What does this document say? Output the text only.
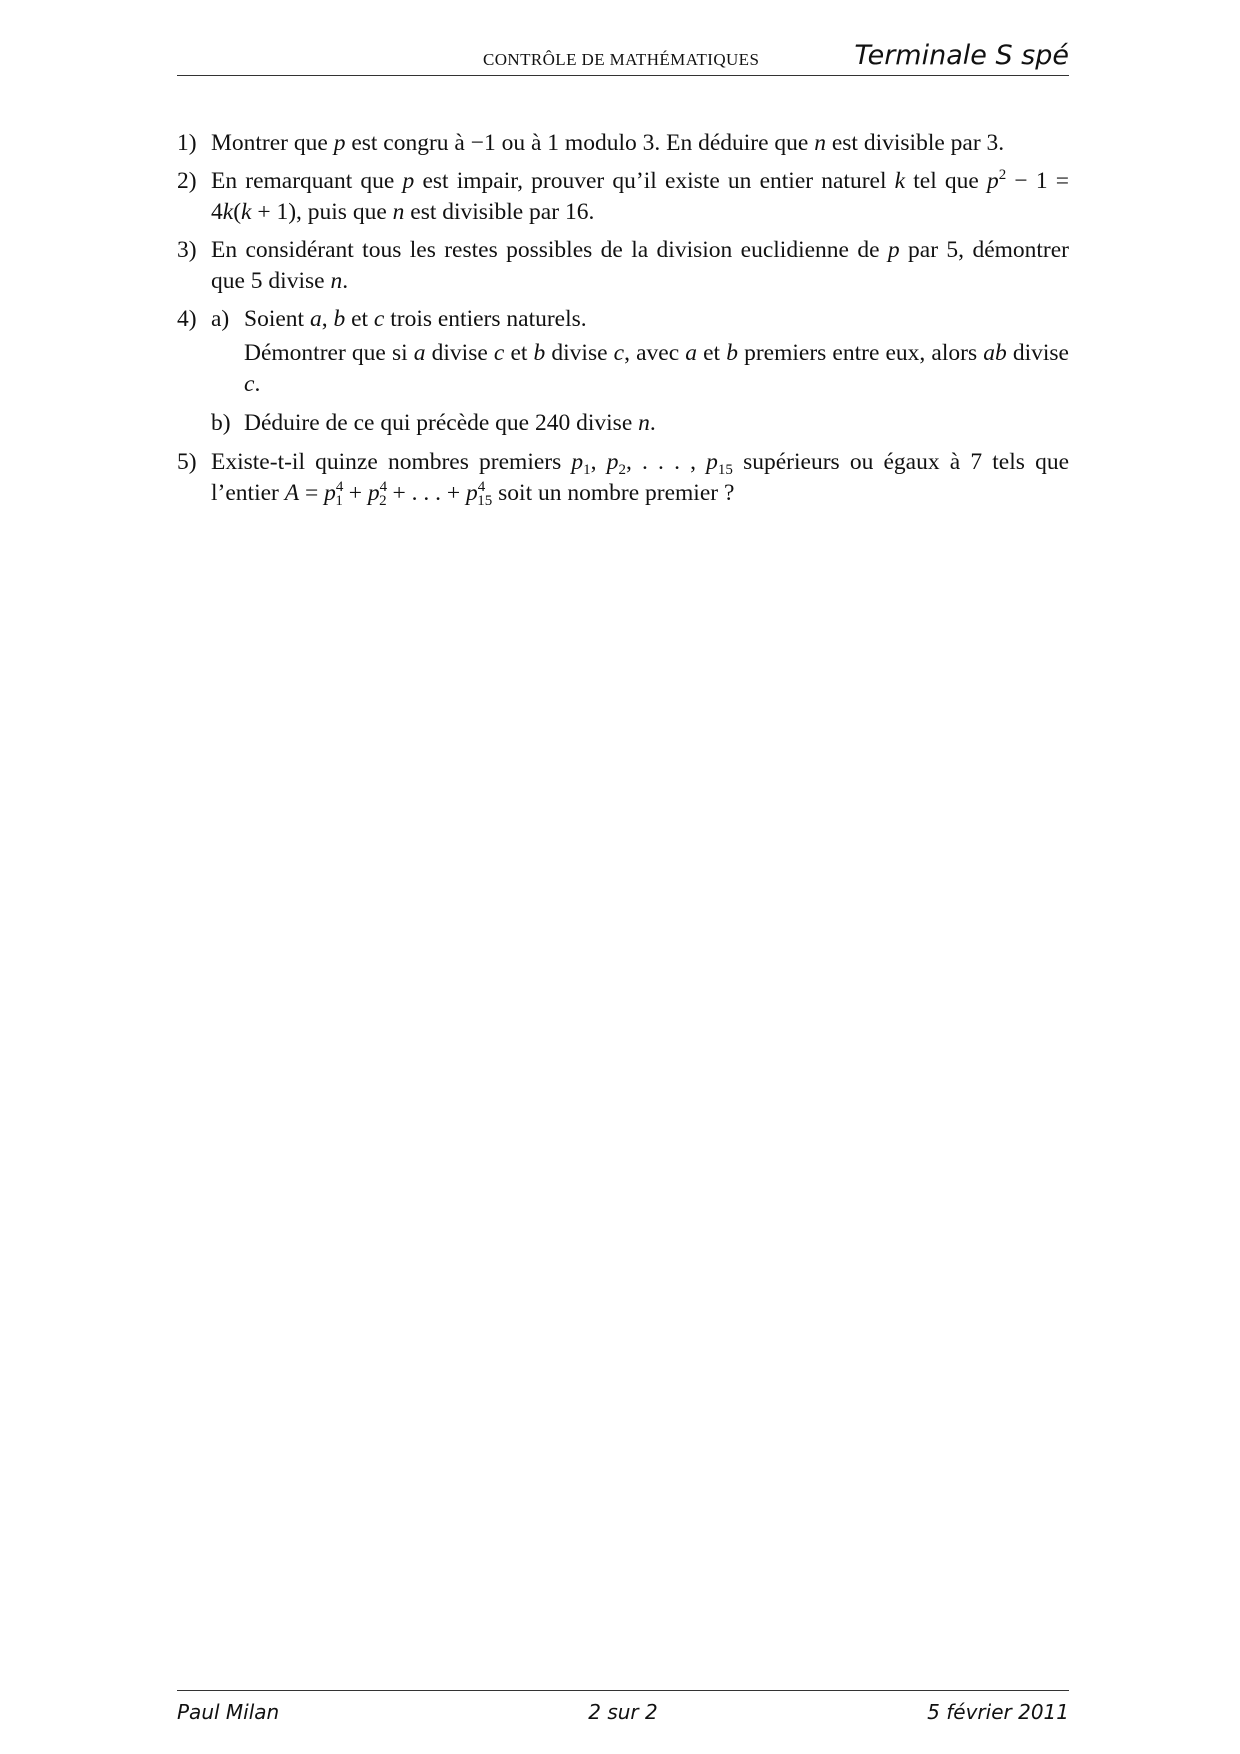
CONTRÔLE DE MATHÉMATIQUES	Terminale S spé
1) Montrer que p est congru à −1 ou à 1 modulo 3. En déduire que n est divisible par 3.
2) En remarquant que p est impair, prouver qu’il existe un entier naturel k tel que $p^2 - 1 = 4k(k + 1)$, puis que n est divisible par 16.
3) En considérant tous les restes possibles de la division euclidienne de p par 5, démontrer que 5 divise n.
4) a) Soient a, b et c trois entiers naturels.
Démontrer que si a divise c et b divise c, avec a et b premiers entre eux, alors ab divise c.
b) Déduire de ce qui précède que 240 divise n.
5) Existe-t-il quinze nombres premiers $p_1$, $p_2$, . . . , $p_{15}$ supérieurs ou égaux à 7 tels que l’entier $A = p^4_1 + p^4_2$ + . . . + $p^4_{15}$ soit un nombre premier ?
Paul Milan	2 sur 2	5 février 2011
